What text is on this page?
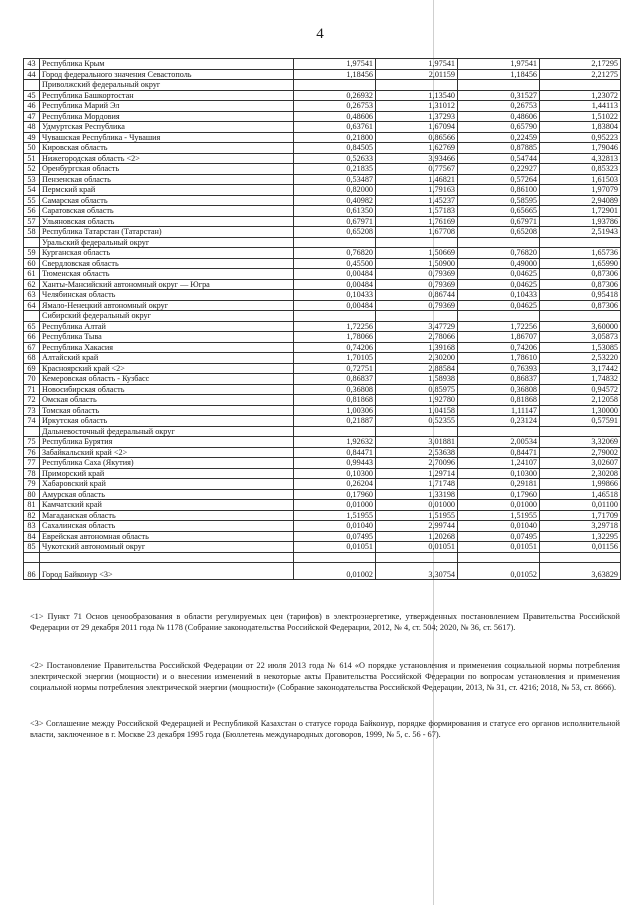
4
43	Республика Крым	1,97541	1,97541	1,97541	2,17295
44	Город федерального значения Севастополь	1,18456	2,01159	1,18456	2,21275
	Приволжский федеральный округ				
45	Республика Башкортостан	0,26932	1,13540	0,31527	1,23072
46	Республика Марий Эл	0,26753	1,31012	0,26753	1,44113
47	Республика Мордовия	0,48606	1,37293	0,48606	1,51022
48	Удмуртская Республика	0,63761	1,67094	0,65790	1,83804
49	Чувашская Республика - Чувашия	0,21800	0,86566	0,22459	0,95223
50	Кировская область	0,84505	1,62769	0,87885	1,79046
51	Нижегородская область <2>	0,52633	3,93466	0,54744	4,32813
52	Оренбургская область	0,21835	0,77567	0,22927	0,85323
53	Пензенская область	0,53487	1,46821	0,57264	1,61503
54	Пермский край	0,82000	1,79163	0,86100	1,97079
55	Самарская область	0,40982	1,45237	0,58595	2,94089
56	Саратовская область	0,61350	1,57183	0,65665	1,72901
57	Ульяновская область	0,67971	1,76169	0,67971	1,93786
58	Республика Татарстан (Татарстан)	0,65208	1,67708	0,65208	2,51943
	Уральский федеральный округ				
59	Курганская область	0,76820	1,50669	0,76820	1,65736
60	Свердловская область	0,45500	1,50900	0,49000	1,65990
61	Тюменская область	0,00484	0,79369	0,04625	0,87306
62	Ханты-Мансийский автономный округ — Югра	0,00484	0,79369	0,04625	0,87306
63	Челябинская область	0,10433	0,86744	0,10433	0,95418
64	Ямало-Ненецкий автономный округ	0,00484	0,79369	0,04625	0,87306
	Сибирский федеральный округ				
65	Республика Алтай	1,72256	3,47729	1,72256	3,60000
66	Республика Тыва	1,78066	2,78066	1,86707	3,05873
67	Республика Хакасия	0,74206	1,39168	0,74206	1,53085
68	Алтайский край	1,70105	2,30200	1,78610	2,53220
69	Красноярский край <2>	0,72751	2,88584	0,76393	3,17442
70	Кемеровская область - Кузбасс	0,86837	1,58938	0,86837	1,74832
71	Новосибирская область	0,36808	0,85975	0,36808	0,94572
72	Омская область	0,81868	1,92780	0,81868	2,12058
73	Томская область	1,00306	1,04158	1,11147	1,30000
74	Иркутская область	0,21887	0,52355	0,23124	0,57591
	Дальневосточный федеральный округ				
75	Республика Бурятия	1,92632	3,01881	2,00534	3,32069
76	Забайкальский край <2>	0,84471	2,53638	0,84471	2,79002
77	Республика Саха (Якутия)	0,99443	2,70096	1,24107	3,02607
78	Приморский край	0,10300	1,29714	0,10300	2,30208
79	Хабаровский край	0,26204	1,71748	0,29181	1,99866
80	Амурская область	0,17960	1,33198	0,17960	1,46518
81	Камчатский край	0,01000	0,01000	0,01000	0,01100
82	Магаданская область	1,51955	1,51955	1,51955	1,71709
83	Сахалинская область	0,01040	2,99744	0,01040	3,29718
84	Еврейская автономная область	0,07495	1,20268	0,07495	1,32295
85	Чукотский автономный округ	0,01051	0,01051	0,01051	0,01156

86	Город Байконур <3>	0,01002	3,30754	0,01052	3,63829
<1> Пункт 71 Основ ценообразования в области регулируемых цен (тарифов) в электроэнергетике, утвержденных постановлением Правительства Российской Федерации от 29 декабря 2011 года № 1178 (Собрание законодательства Российской Федерации, 2012, № 4, ст. 504; 2020, № 36, ст. 5617).
<2> Постановление Правительства Российской Федерации от 22 июля 2013 года № 614 «О порядке установления и применения социальной нормы потребления электрической энергии (мощности) и о внесении изменений в некоторые акты Правительства Российской Федерации по вопросам установления и применения социальной нормы потребления электрической энергии (мощности)» (Собрание законодательства Российской Федерации, 2013, № 31, ст. 4216; 2018, № 53, ст. 8666).
<3> Соглашение между Российской Федерацией и Республикой Казахстан о статусе города Байконур, порядке формирования и статусе его органов исполнительной власти, заключенное в г. Москве 23 декабря 1995 года (Бюллетень международных договоров, 1999, № 5, с. 56 - 67).
